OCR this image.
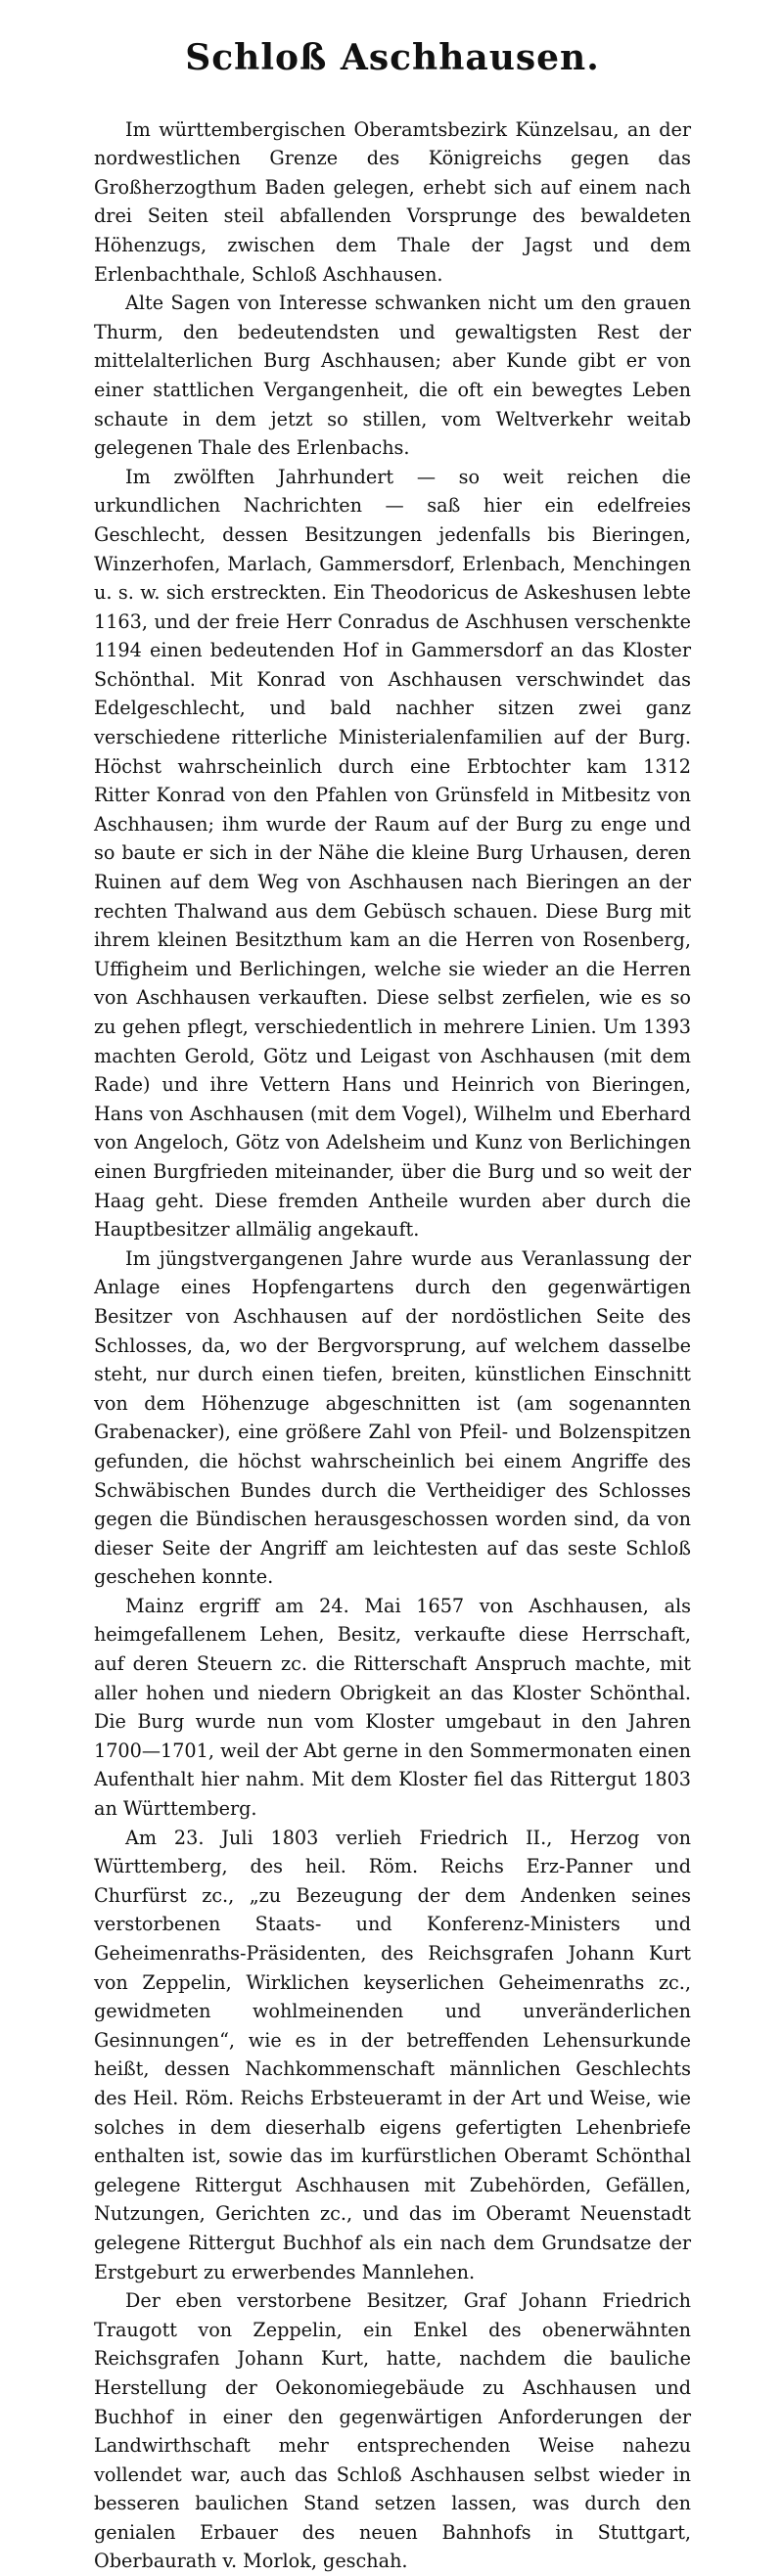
Schloß Aschhausen.

Im württembergischen Oberamtsbezirk Künzelsau, an der nordwestlichen Grenze des Königreichs gegen das Großherzogthum Baden gelegen, erhebt sich auf einem nach drei Seiten steil abfallenden Vorsprunge des bewaldeten Höhenzugs, zwischen dem Thale der Jagst und dem Erlenbachthale, Schloß Aschhausen.

Alte Sagen von Interesse schwanken nicht um den grauen Thurm, den bedeutendsten und gewaltigsten Rest der mittelalterlichen Burg Aschhausen; aber Kunde gibt er von einer stattlichen Vergangenheit, die oft ein bewegtes Leben schaute in dem jetzt so stillen, vom Weltverkehr weitab gelegenen Thale des Erlenbachs.

Im zwölften Jahrhundert — so weit reichen die urkundlichen Nachrichten — saß hier ein edelfreies Geschlecht, dessen Besitzungen jedenfalls bis Bieringen, Winzerhofen, Marlach, Gammersdorf, Erlenbach, Menchingen u. s. w. sich erstreckten. Ein Theodoricus de Askeshusen lebte 1163, und der freie Herr Conradus de Aschhusen verschenkte 1194 einen bedeutenden Hof in Gammersdorf an das Kloster Schönthal. Mit Konrad von Aschhausen verschwindet das Edelgeschlecht, und bald nachher sitzen zwei ganz verschiedene ritterliche Ministerialenfamilien auf der Burg. Höchst wahrscheinlich durch eine Erbtochter kam 1312 Ritter Konrad von den Pfahlen von Grünsfeld in Mitbesitz von Aschhausen; ihm wurde der Raum auf der Burg zu enge und so baute er sich in der Nähe die kleine Burg Urhausen, deren Ruinen auf dem Weg von Aschhausen nach Bieringen an der rechten Thalwand aus dem Gebüsch schauen. Diese Burg mit ihrem kleinen Besitzthum kam an die Herren von Rosenberg, Uffigheim und Berlichingen, welche sie wieder an die Herren von Aschhausen verkauften. Diese selbst zerfielen, wie es so zu gehen pflegt, verschiedentlich in mehrere Linien. Um 1393 machten Gerold, Götz und Leigast von Aschhausen (mit dem Rade) und ihre Vettern Hans und Heinrich von Bieringen, Hans von Aschhausen (mit dem Vogel), Wilhelm und Eberhard von Angeloch, Götz von Adelsheim und Kunz von Berlichingen einen Burgfrieden miteinander, über die Burg und so weit der Haag geht. Diese fremden Antheile wurden aber durch die Hauptbesitzer allmälig angekauft.

Im jüngstvergangenen Jahre wurde aus Veranlassung der Anlage eines Hopfengartens durch den gegenwärtigen Besitzer von Aschhausen auf der nordöstlichen Seite des Schlosses, da, wo der Bergvorsprung, auf welchem dasselbe steht, nur durch einen tiefen, breiten, künstlichen Einschnitt von dem Höhenzuge abgeschnitten ist (am sogenannten Grabenacker), eine größere Zahl von Pfeil- und Bolzenspitzen gefunden, die höchst wahrscheinlich bei einem Angriffe des Schwäbischen Bundes durch die Vertheidiger des Schlosses gegen die Bündischen herausgeschossen worden sind, da von dieser Seite der Angriff am leichtesten auf das seste Schloß geschehen konnte.

Mainz ergriff am 24. Mai 1657 von Aschhausen, als heimgefallenem Lehen, Besitz, verkaufte diese Herrschaft, auf deren Steuern zc. die Ritterschaft Anspruch machte, mit aller hohen und niedern Obrigkeit an das Kloster Schönthal. Die Burg wurde nun vom Kloster umgebaut in den Jahren 1700—1701, weil der Abt gerne in den Sommermonaten einen Aufenthalt hier nahm. Mit dem Kloster fiel das Rittergut 1803 an Württemberg.

Am 23. Juli 1803 verlieh Friedrich II., Herzog von Württemberg, des heil. Röm. Reichs Erz-Panner und Churfürst zc., „zu Bezeugung der dem Andenken seines verstorbenen Staats- und Konferenz-Ministers und Geheimenraths-Präsidenten, des Reichsgrafen Johann Kurt von Zeppelin, Wirklichen keyserlichen Geheimenraths zc., gewidmeten wohlmeinenden und unveränderlichen Gesinnungen“, wie es in der betreffenden Lehensurkunde heißt, dessen Nachkommenschaft männlichen Geschlechts des Heil. Röm. Reichs Erbsteueramt in der Art und Weise, wie solches in dem dieserhalb eigens gefertigten Lehenbriefe enthalten ist, sowie das im kurfürstlichen Oberamt Schönthal gelegene Rittergut Aschhausen mit Zubehörden, Gefällen, Nutzungen, Gerichten zc., und das im Oberamt Neuenstadt gelegene Rittergut Buchhof als ein nach dem Grundsatze der Erstgeburt zu erwerbendes Mannlehen.

Der eben verstorbene Besitzer, Graf Johann Friedrich Traugott von Zeppelin, ein Enkel des obenerwähnten Reichsgrafen Johann Kurt, hatte, nachdem die bauliche Herstellung der Oekonomiegebäude zu Aschhausen und Buchhof in einer den gegenwärtigen Anforderungen der Landwirthschaft mehr entsprechenden Weise nahezu vollendet war, auch das Schloß Aschhausen selbst wieder in besseren baulichen Stand setzen lassen, was durch den genialen Erbauer des neuen Bahnhofs in Stuttgart, Oberbaurath v. Morlok, geschah.
